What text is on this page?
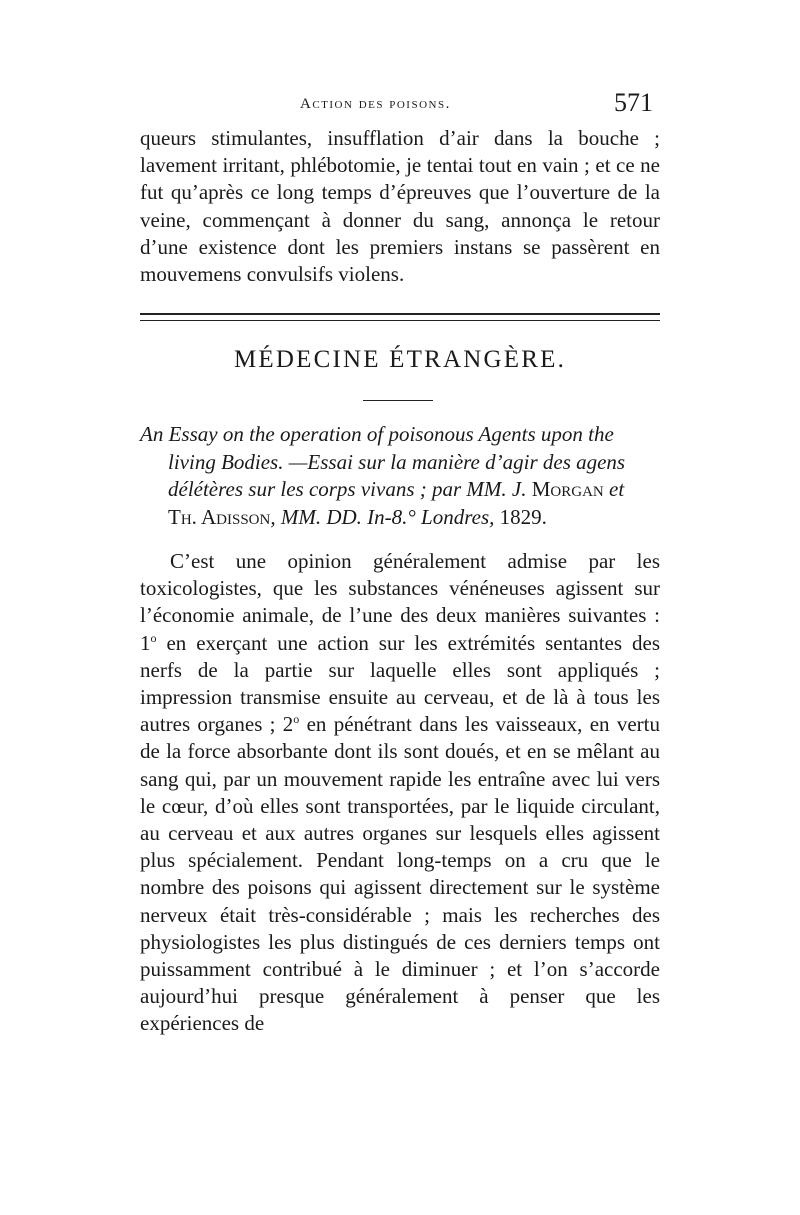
Action des poisons.	571

queurs stimulantes, insufflation d’air dans la bouche ; lavement irritant, phlébotomie, je tentai tout en vain ; et ce ne fut qu’après ce long temps d’épreuves que l’ouverture de la veine, commençant à donner du sang, annonça le retour d’une existence dont les premiers instans se passèrent en mouvemens convulsifs violens.

MÉDECINE ÉTRANGÈRE.
An Essay on the operation of poisonous Agents upon the
living Bodies. —Essai sur la manière d’agir des agens
délétères sur les corps vivans ; par MM. J. Morgan et
Th. Adisson, MM. DD. In-8.° Londres, 1829.

C’est une opinion généralement admise par les toxicologistes, que les substances vénéneuses agissent sur l’économie animale, de l’une des deux manières suivantes : 1$^o$ en exerçant une action sur les extrémités sentantes des nerfs de la partie sur laquelle elles sont appliqués ; impression transmise ensuite au cerveau, et de là à tous les autres organes ; 2$^o$ en pénétrant dans les vaisseaux, en vertu de la force absorbante dont ils sont doués, et en se mêlant au sang qui, par un mouvement rapide les entraîne avec lui vers le cœur, d’où elles sont transportées, par le liquide circulant, au cerveau et aux autres organes sur lesquels elles agissent plus spécialement. Pendant long-temps on a cru que le nombre des poisons qui agissent directement sur le système nerveux était très-considérable ; mais les recherches des physiologistes les plus distingués de ces derniers temps ont puissamment contribué à le diminuer ; et l’on s’accorde aujourd’hui presque généralement à penser que les expériences de
